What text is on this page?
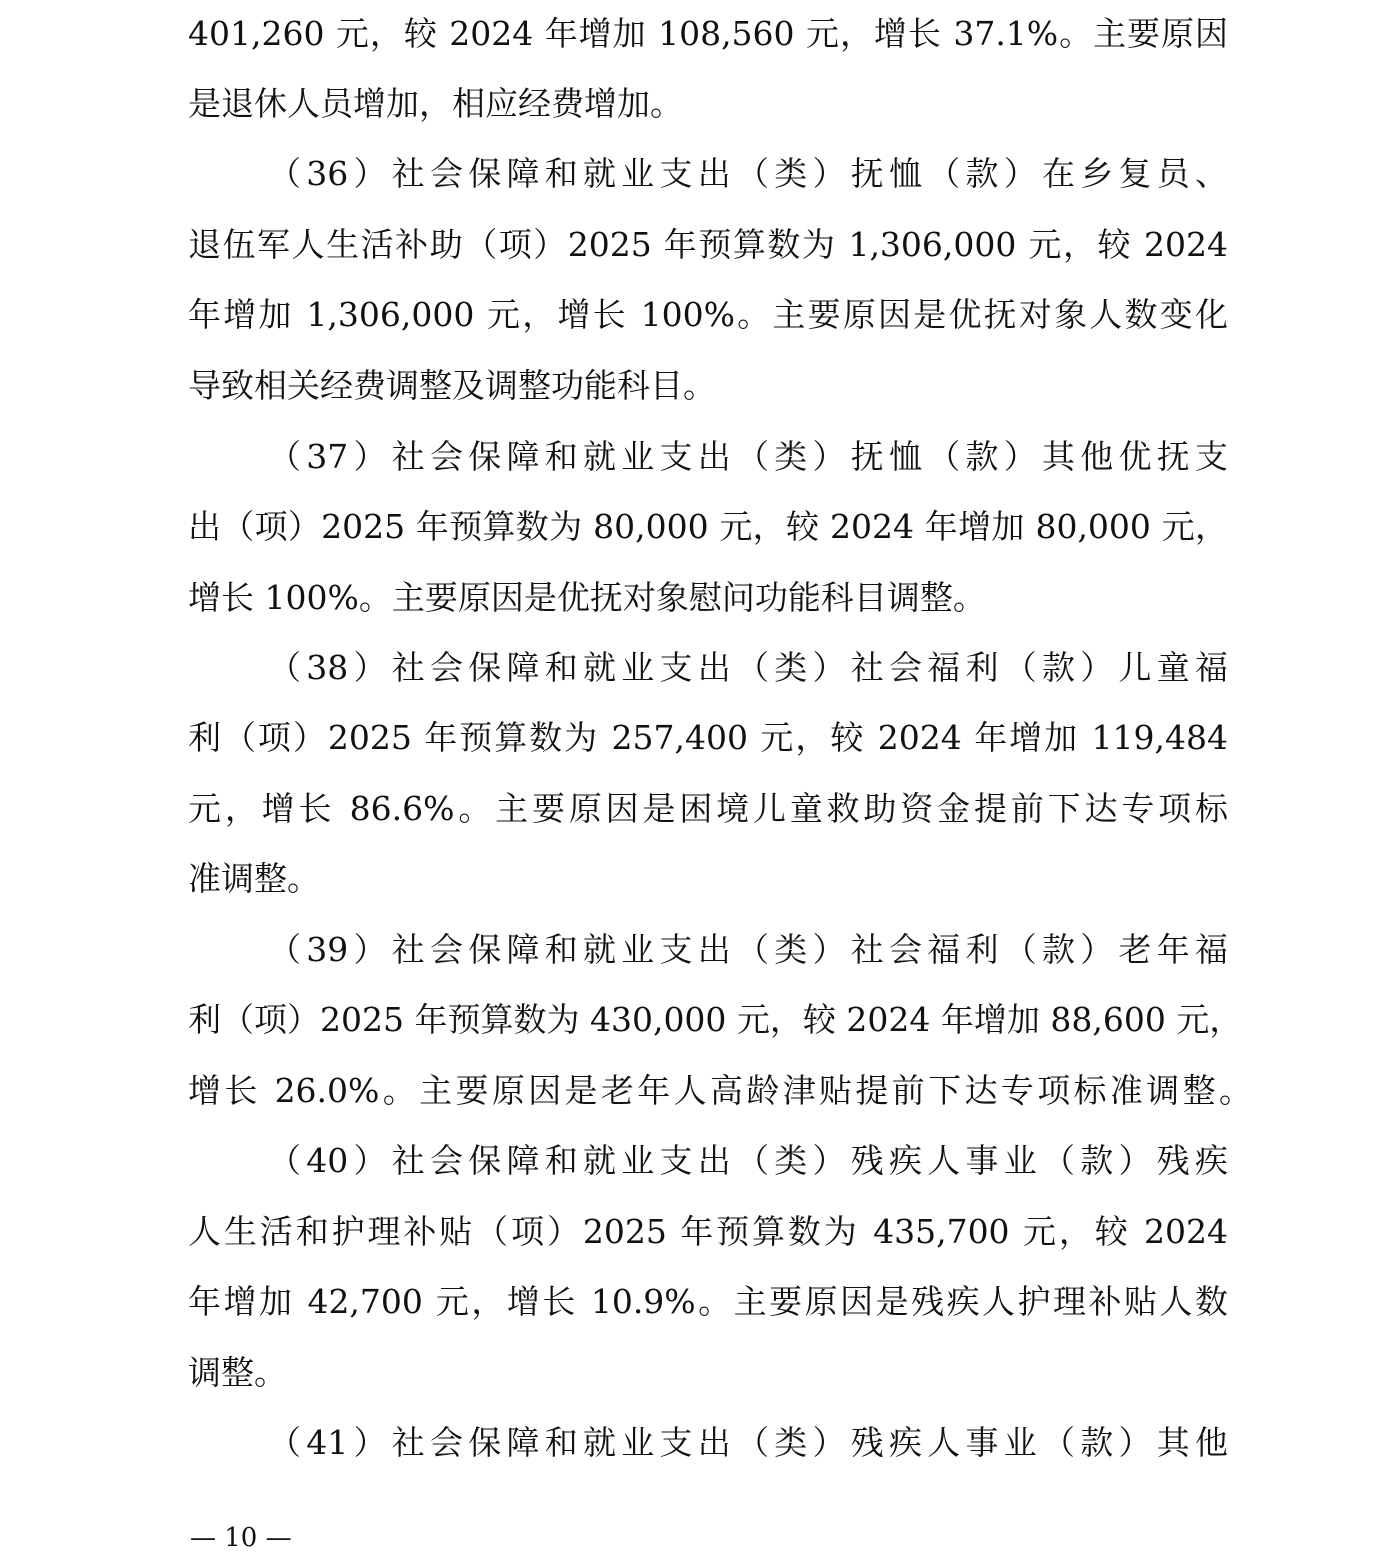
401,260 元，较 2024 年增加 108,560 元，增长 37.1%。主要原因
是退休人员增加，相应经费增加。
（36）社会保障和就业支出（类）抚恤（款）在乡复员、
退伍军人生活补助（项）2025 年预算数为 1,306,000 元，较 2024
年增加 1,306,000 元，增长 100%。主要原因是优抚对象人数变化
导致相关经费调整及调整功能科目。
（37）社会保障和就业支出（类）抚恤（款）其他优抚支
出（项）2025 年预算数为 80,000 元，较 2024 年增加 80,000 元，
增长 100%。主要原因是优抚对象慰问功能科目调整。
（38）社会保障和就业支出（类）社会福利（款）儿童福
利（项）2025 年预算数为 257,400 元，较 2024 年增加 119,484
元，增长 86.6%。主要原因是困境儿童救助资金提前下达专项标
准调整。
（39）社会保障和就业支出（类）社会福利（款）老年福
利（项）2025 年预算数为 430,000 元，较 2024 年增加 88,600 元，
增长 26.0%。主要原因是老年人高龄津贴提前下达专项标准调整。
（40）社会保障和就业支出（类）残疾人事业（款）残疾
人生活和护理补贴（项）2025 年预算数为 435,700 元，较 2024
年增加 42,700 元，增长 10.9%。主要原因是残疾人护理补贴人数
调整。
（41）社会保障和就业支出（类）残疾人事业（款）其他
— 10 —
